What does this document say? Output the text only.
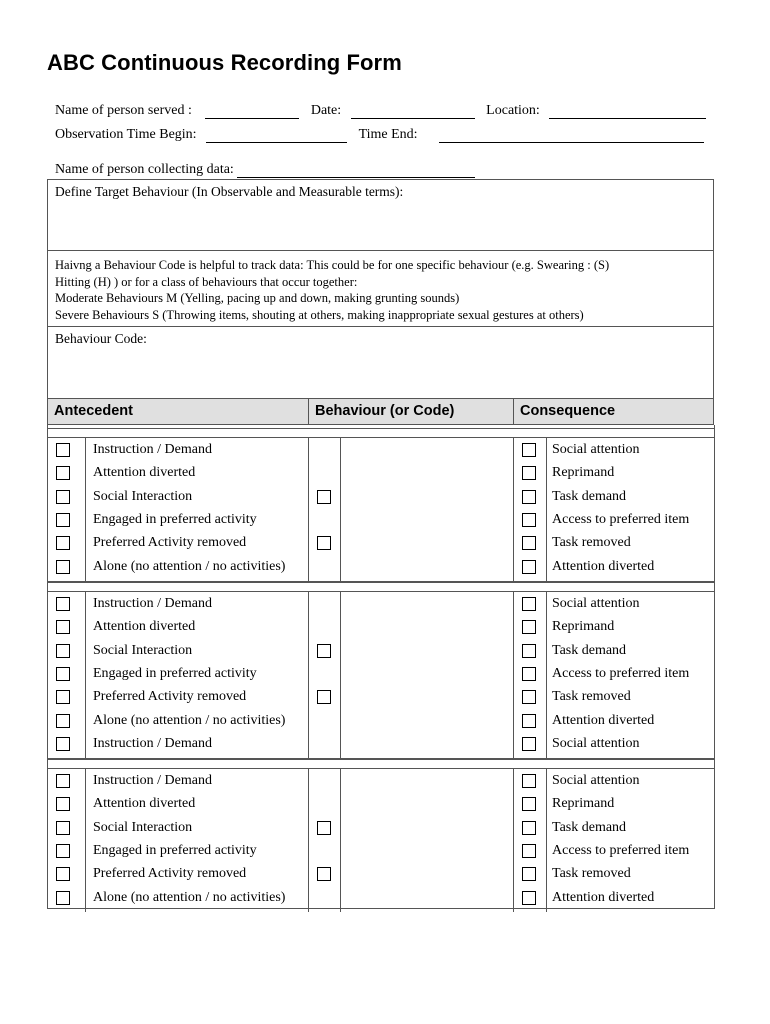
ABC Continuous Recording Form
Name of person served :	Date:	Location:
Observation Time Begin:	Time End:
Name of person collecting data:
Define Target Behaviour (In Observable and Measurable terms):
Haivng a Behaviour Code is helpful to track data: This could be for one specific behaviour (e.g. Swearing : (S)
Hitting (H) ) or for a class of behaviours that occur together:
Moderate Behaviours M (Yelling, pacing up and down, making grunting sounds)
Severe Behaviours S (Throwing items, shouting at others, making inappropriate sexual gestures at others)
Behaviour Code:
Antecedent	Behaviour (or Code)	Consequence
Instruction / Demand	Social attention
Attention diverted	Reprimand
Social Interaction	Task demand
Engaged in preferred activity	Access to preferred item
Preferred Activity removed	Task removed
Alone (no attention / no activities)	Attention diverted
Instruction / Demand	Social attention
Attention diverted	Reprimand
Social Interaction	Task demand
Engaged in preferred activity	Access to preferred item
Preferred Activity removed	Task removed
Alone (no attention / no activities)	Attention diverted
Instruction / Demand	Social attention
Instruction / Demand	Social attention
Attention diverted	Reprimand
Social Interaction	Task demand
Engaged in preferred activity	Access to preferred item
Preferred Activity removed	Task removed
Alone (no attention / no activities)	Attention diverted
